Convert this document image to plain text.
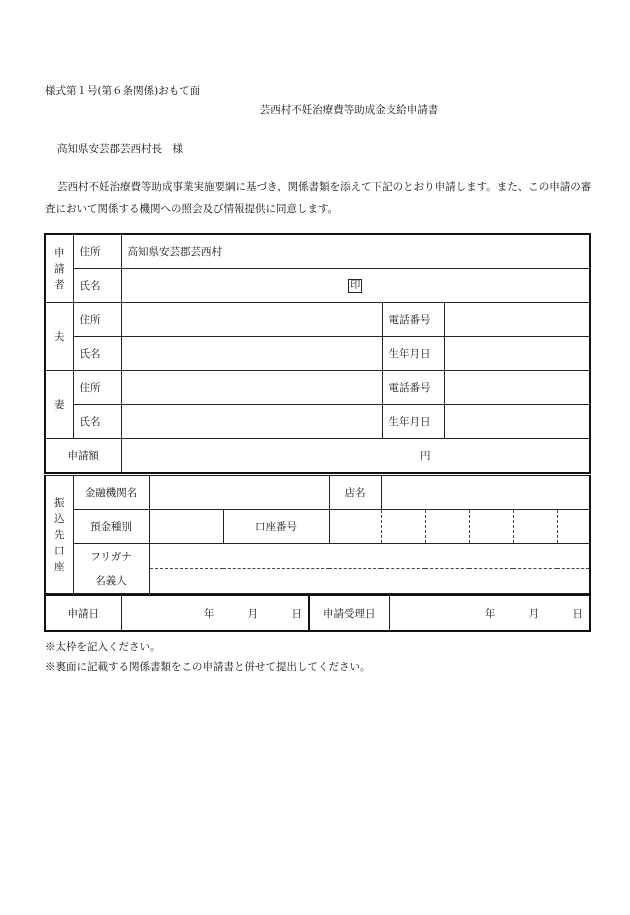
様式第１号(第６条関係)おもて面
芸西村不妊治療費等助成金支給申請書
高知県安芸郡芸西村長　様
芸西村不妊治療費等助成事業実施要綱に基づき、関係書類を添えて下記のとおり申請します。また、この申請の審査において関係する機関への照会及び情報提供に同意します。
申
請
者	住所	高知県安芸郡芸西村		
	氏名	印		
夫	住所		電話番号	
	氏名		生年月日	
妻	住所		電話番号	
	氏名		生年月日	
申請額		円		
振
込
先
口
座	金融機関名			店名					
	預金種別		口座番号						
	フリガナ								
	名義人								
申請日	年	月	日	申請受理日	年	月	日
※太枠を記入ください。
※裏面に記載する関係書類をこの申請書と併せて提出してください。
